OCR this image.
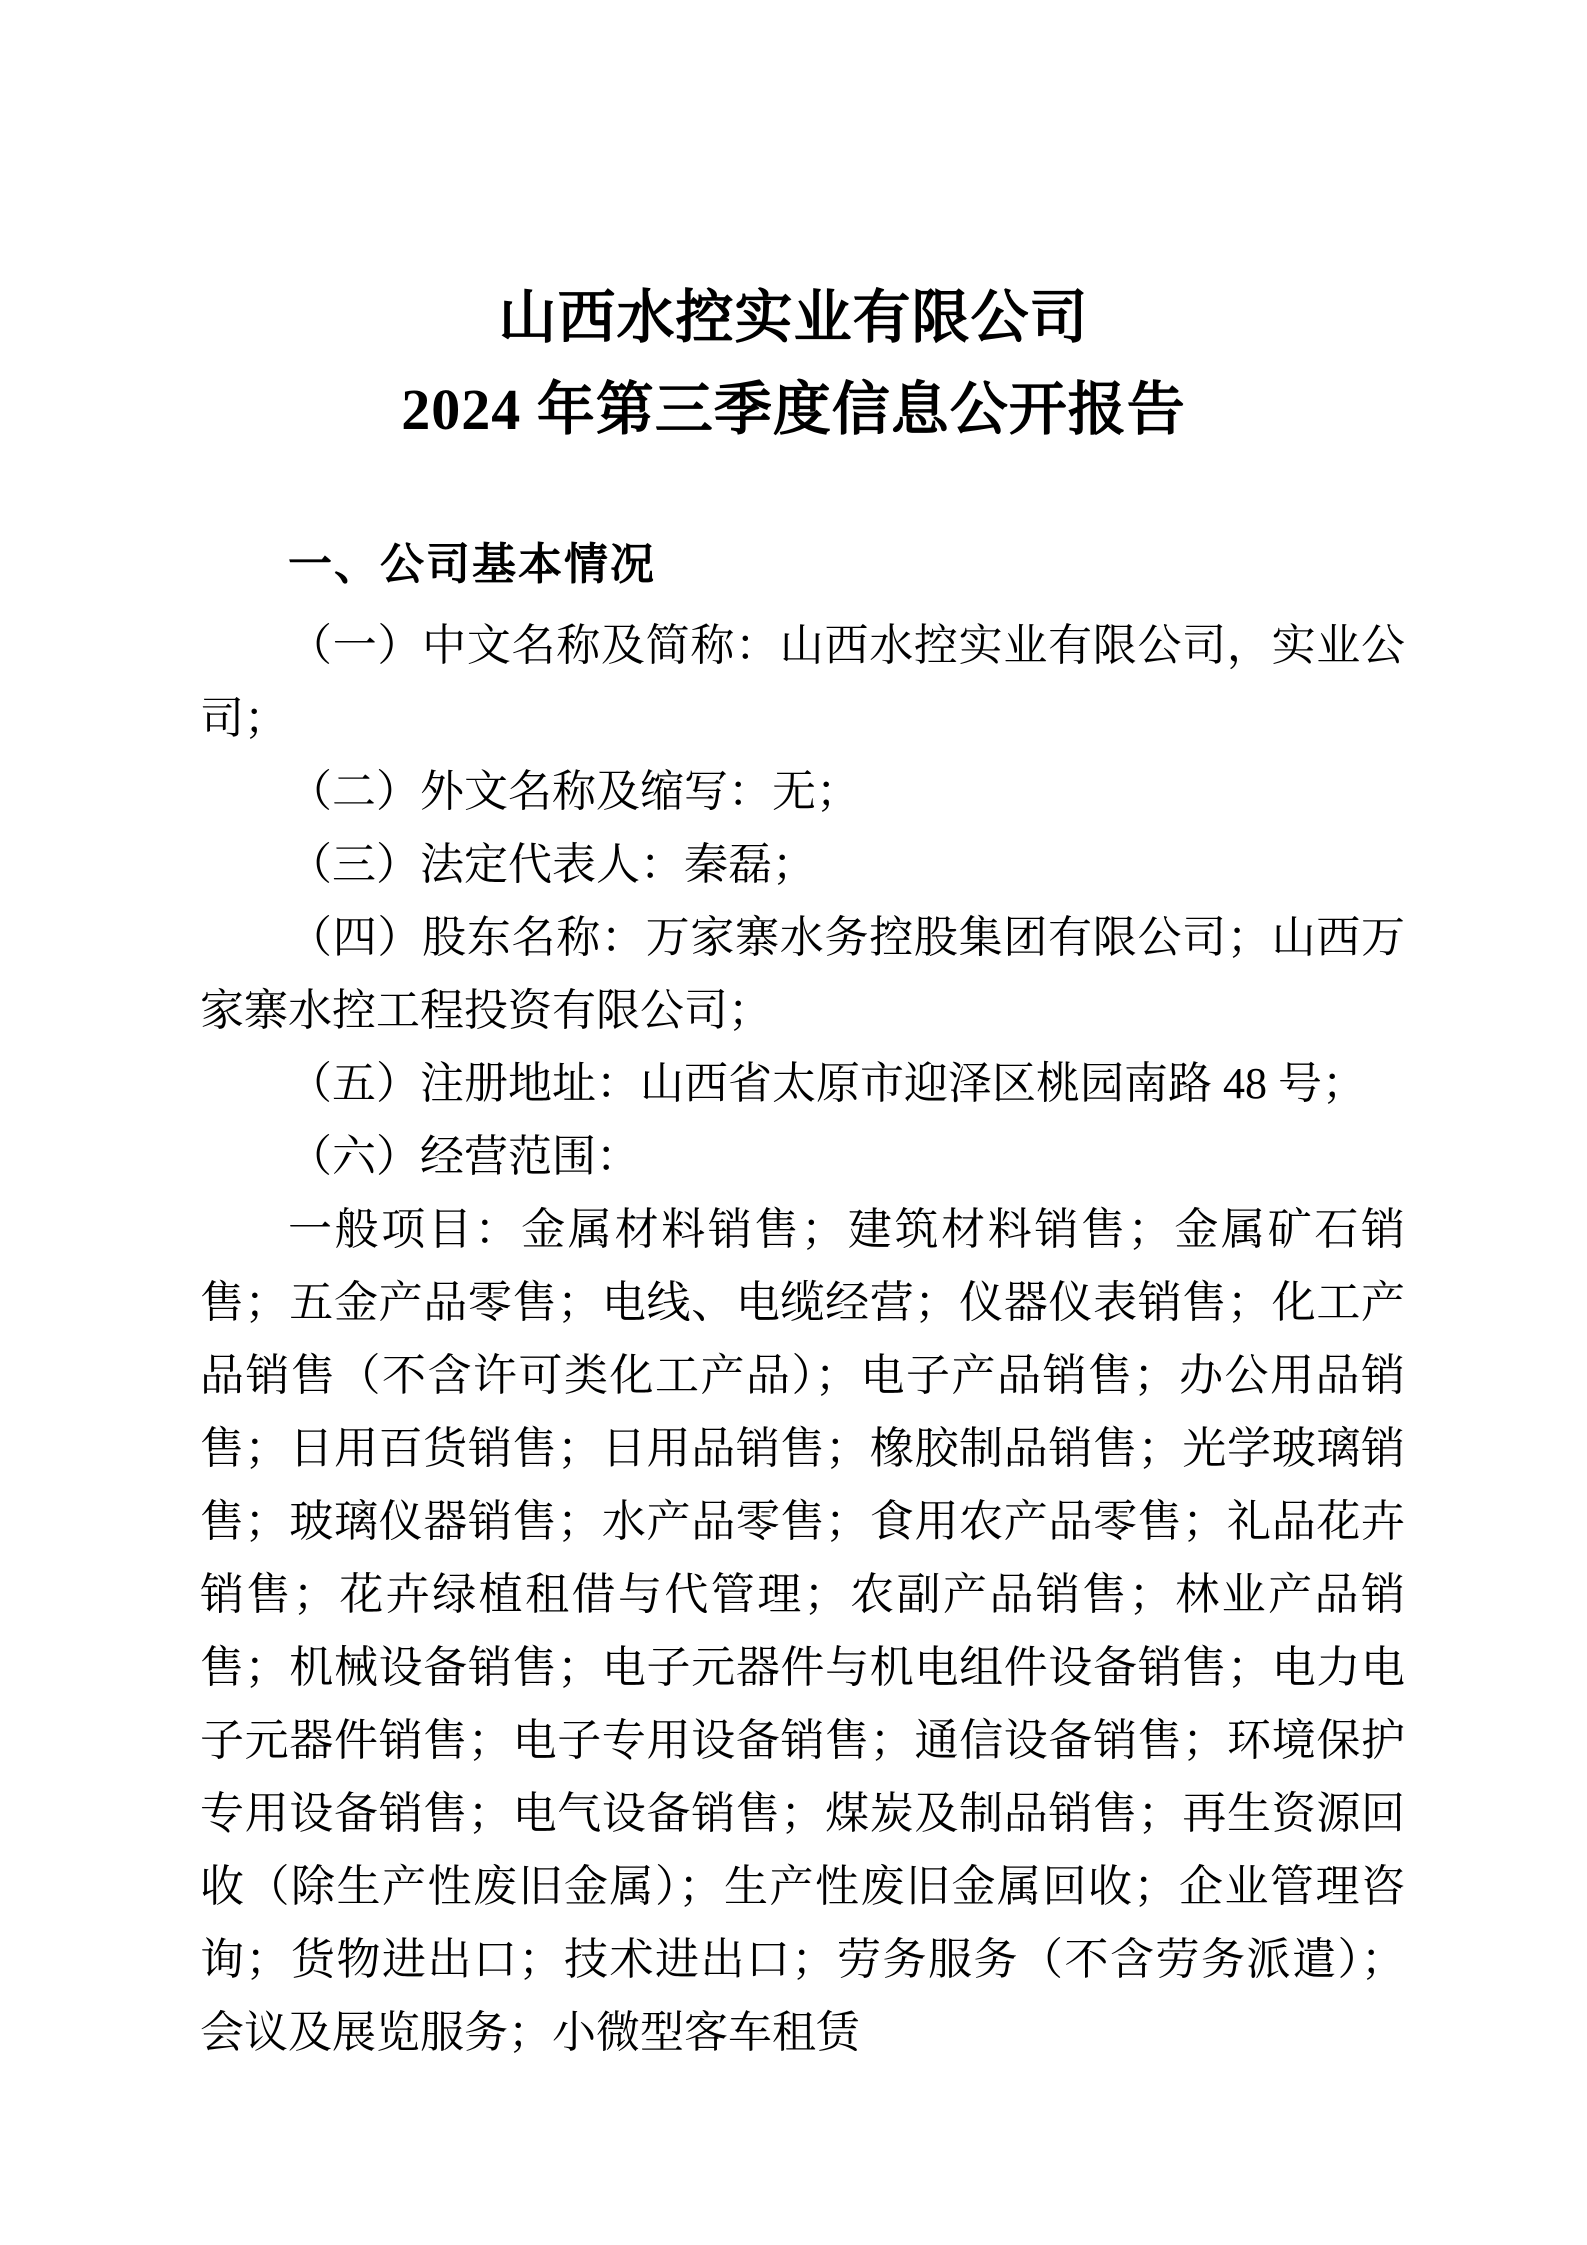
山西水控实业有限公司
2024 年第三季度信息公开报告
一、公司基本情况

（一）中文名称及简称：山西水控实业有限公司，实业公司；

（二）外文名称及缩写：无；

（三）法定代表人：秦磊；

（四）股东名称：万家寨水务控股集团有限公司；山西万家寨水控工程投资有限公司；

（五）注册地址：山西省太原市迎泽区桃园南路 48 号；

（六）经营范围：

一般项目：金属材料销售；建筑材料销售；金属矿石销售；五金产品零售；电线、电缆经营；仪器仪表销售；化工产品销售（不含许可类化工产品）；电子产品销售；办公用品销售；日用百货销售；日用品销售；橡胶制品销售；光学玻璃销售；玻璃仪器销售；水产品零售；食用农产品零售；礼品花卉销售；花卉绿植租借与代管理；农副产品销售；林业产品销售；机械设备销售；电子元器件与机电组件设备销售；电力电子元器件销售；电子专用设备销售；通信设备销售；环境保护专用设备销售；电气设备销售；煤炭及制品销售；再生资源回收（除生产性废旧金属）；生产性废旧金属回收；企业管理咨询；货物进出口；技术进出口；劳务服务（不含劳务派遣）；会议及展览服务；小微型客车租赁
